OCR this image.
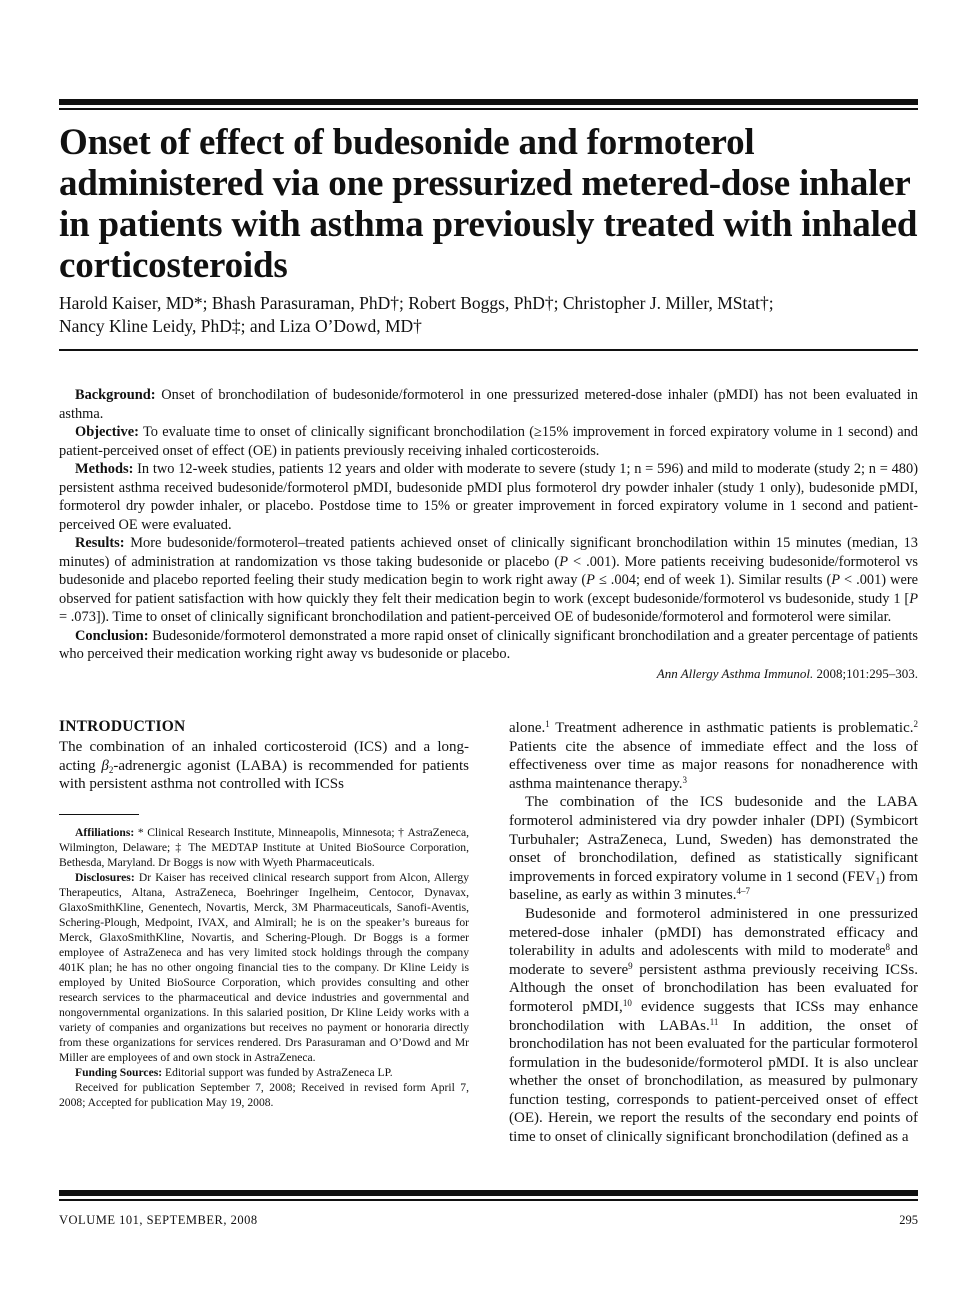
Onset of effect of budesonide and formoterol administered via one pressurized metered-dose inhaler in patients with asthma previously treated with inhaled corticosteroids
Harold Kaiser, MD*; Bhash Parasuraman, PhD†; Robert Boggs, PhD†; Christopher J. Miller, MStat†;
Nancy Kline Leidy, PhD‡; and Liza O’Dowd, MD†

Background: Onset of bronchodilation of budesonide/formoterol in one pressurized metered-dose inhaler (pMDI) has not been evaluated in asthma.

Objective: To evaluate time to onset of clinically significant bronchodilation (≥15% improvement in forced expiratory volume in 1 second) and patient-perceived onset of effect (OE) in patients previously receiving inhaled corticosteroids.

Methods: In two 12-week studies, patients 12 years and older with moderate to severe (study 1; n = 596) and mild to moderate (study 2; n = 480) persistent asthma received budesonide/formoterol pMDI, budesonide pMDI plus formoterol dry powder inhaler (study 1 only), budesonide pMDI, formoterol dry powder inhaler, or placebo. Postdose time to 15% or greater improvement in forced expiratory volume in 1 second and patient-perceived OE were evaluated.

Results: More budesonide/formoterol–treated patients achieved onset of clinically significant bronchodilation within 15 minutes (median, 13 minutes) of administration at randomization vs those taking budesonide or placebo (P < .001). More patients receiving budesonide/formoterol vs budesonide and placebo reported feeling their study medication begin to work right away (P ≤ .004; end of week 1). Similar results (P < .001) were observed for patient satisfaction with how quickly they felt their medication begin to work (except budesonide/formoterol vs budesonide, study 1 [P = .073]). Time to onset of clinically significant bronchodilation and patient-perceived OE of budesonide/formoterol and formoterol were similar.

Conclusion: Budesonide/formoterol demonstrated a more rapid onset of clinically significant bronchodilation and a greater percentage of patients who perceived their medication working right away vs budesonide or placebo.

Ann Allergy Asthma Immunol. 2008;101:295–303.
INTRODUCTION

The combination of an inhaled corticosteroid (ICS) and a long-acting $\beta_2$-adrenergic agonist (LABA) is recommended for patients with persistent asthma not controlled with ICSs

Affiliations: * Clinical Research Institute, Minneapolis, Minnesota; † AstraZeneca, Wilmington, Delaware; ‡ The MEDTAP Institute at United BioSource Corporation, Bethesda, Maryland. Dr Boggs is now with Wyeth Pharmaceuticals.

Disclosures: Dr Kaiser has received clinical research support from Alcon, Allergy Therapeutics, Altana, AstraZeneca, Boehringer Ingelheim, Centocor, Dynavax, GlaxoSmithKline, Genentech, Novartis, Merck, 3M Pharmaceuticals, Sanofi-Aventis, Schering-Plough, Medpoint, IVAX, and Almirall; he is on the speaker’s bureaus for Merck, GlaxoSmithKline, Novartis, and Schering-Plough. Dr Boggs is a former employee of AstraZeneca and has very limited stock holdings through the company 401K plan; he has no other ongoing financial ties to the company. Dr Kline Leidy is employed by United BioSource Corporation, which provides consulting and other research services to the pharmaceutical and device industries and governmental and nongovernmental organizations. In this salaried position, Dr Kline Leidy works with a variety of companies and organizations but receives no payment or honoraria directly from these organizations for services rendered. Drs Parasuraman and O’Dowd and Mr Miller are employees of and own stock in AstraZeneca.

Funding Sources: Editorial support was funded by AstraZeneca LP.

Received for publication September 7, 2008; Received in revised form April 7, 2008; Accepted for publication May 19, 2008.

alone.$^1$ Treatment adherence in asthmatic patients is problematic.$^2$ Patients cite the absence of immediate effect and the loss of effectiveness over time as major reasons for nonadherence with asthma maintenance therapy.$^3$

The combination of the ICS budesonide and the LABA formoterol administered via dry powder inhaler (DPI) (Symbicort Turbuhaler; AstraZeneca, Lund, Sweden) has demonstrated the onset of bronchodilation, defined as statistically significant improvements in forced expiratory volume in 1 second $(FEV_1)$ from baseline, as early as within 3 minutes.$^{4-7}$

Budesonide and formoterol administered in one pressurized metered-dose inhaler (pMDI) has demonstrated efficacy and tolerability in adults and adolescents with mild to moderate$^8$ and moderate to severe$^9$ persistent asthma previously receiving ICSs. Although the onset of bronchodilation has been evaluated for formoterol pMDI,$^{10}$ evidence suggests that ICSs may enhance bronchodilation with LABAs.$^{11}$ In addition, the onset of bronchodilation has not been evaluated for the particular formoterol formulation in the budesonide/formoterol pMDI. It is also unclear whether the onset of bronchodilation, as measured by pulmonary function testing, corresponds to patient-perceived onset of effect (OE). Herein, we report the results of the secondary end points of time to onset of clinically significant bronchodilation (defined as a

VOLUME 101, SEPTEMBER, 2008	295
